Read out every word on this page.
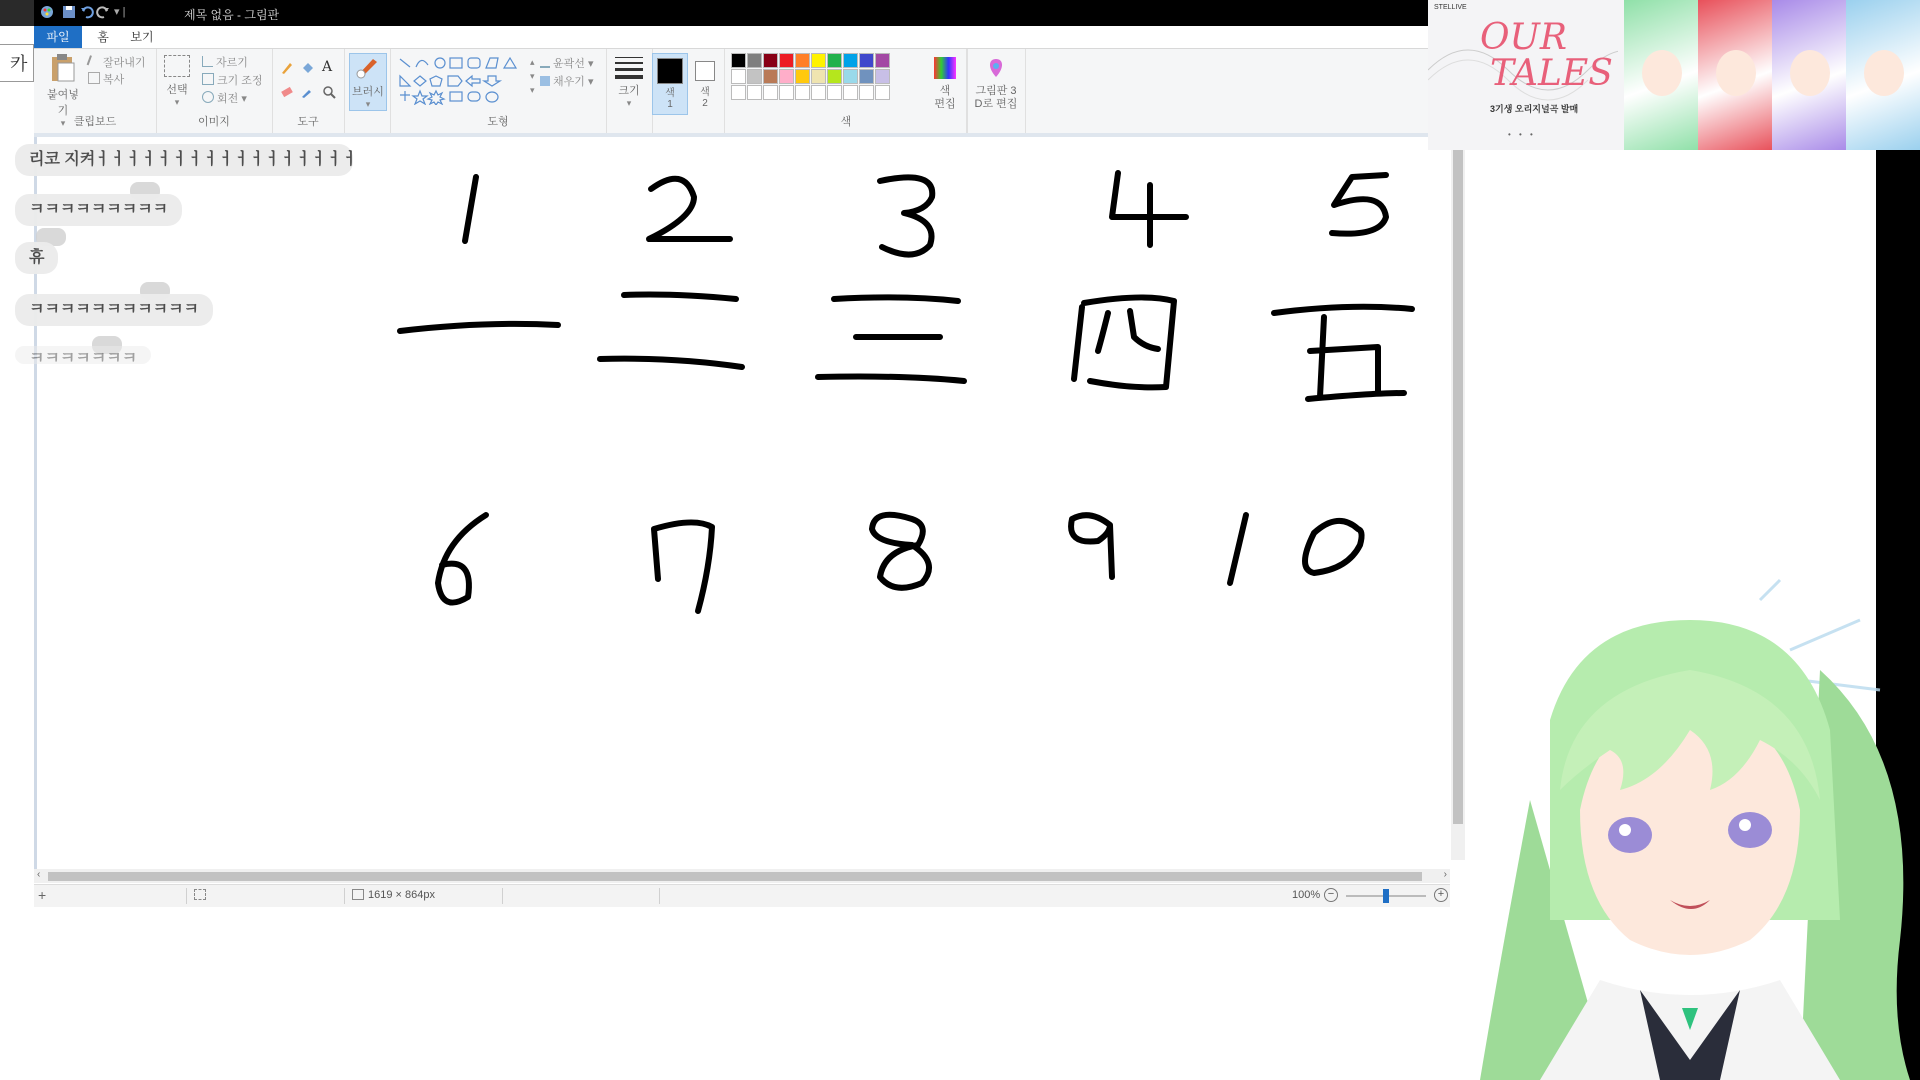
카
▾ |	제목 없음 - 그림판
파일	홈	보기
붙여넣기
▾
잘라내기
복사
클립보드
선택
▾
자르기
크기 조정
회전 ▾
이미지
A
도구
브러시
▾
▴
▾
▾
윤곽선 ▾
채우기 ▾
도형
크기
▾
색
1
색
2
색
색
편집
그림판 3
D로 편집
리코 지켜ㅓㅓㅓㅓㅓㅓㅓㅓㅓㅓㅓㅓㅓㅓㅓㅓㅓ
ㅋㅋㅋㅋㅋㅋㅋㅋㅋ
휴
ㅋㅋㅋㅋㅋㅋㅋㅋㅋㅋㅋ
ㅋㅋㅋㅋㅋㅋㅋ
‹	›
+	1619 × 864px	100% −	+
STELLIVE
OUR
TALES
3기생 오리지널곡 발매
• • •
